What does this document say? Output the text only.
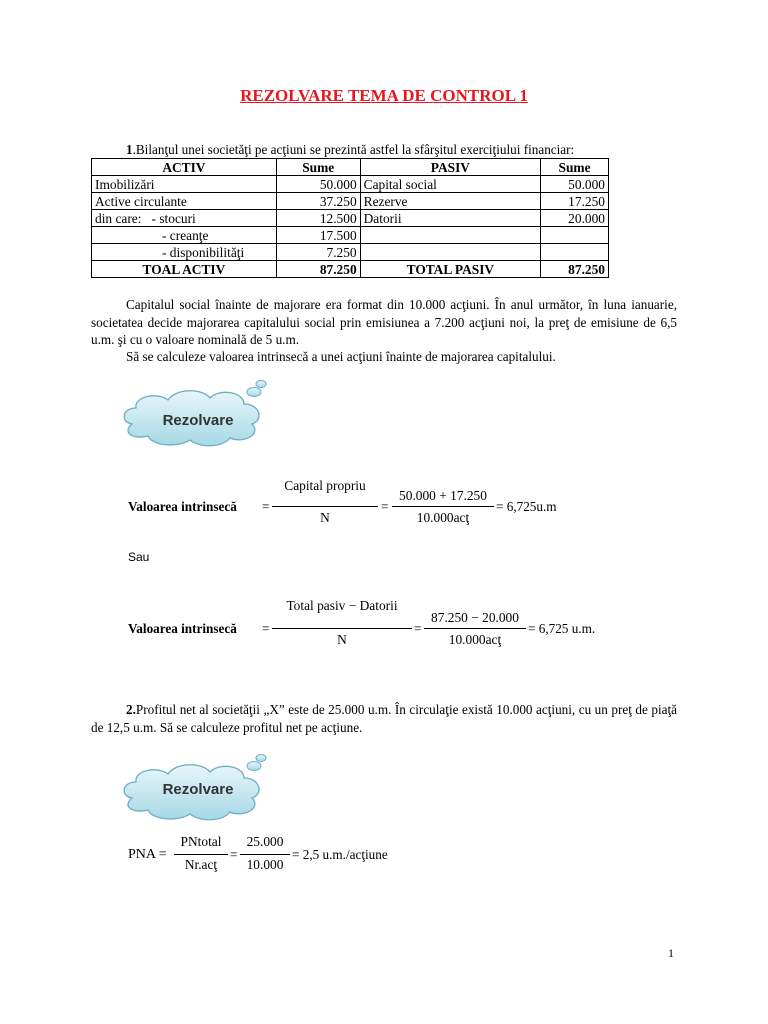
REZOLVARE TEMA DE CONTROL 1
1.Bilanţul unei societăţi pe acţiuni se prezintă astfel la sfârşitul exerciţiului financiar:
ACTIV	Sume	PASIV	Sume
Imobilizări	50.000	Capital social	50.000
Active circulante	37.250	Rezerve	17.250
din care:   - stocuri	12.500	Datorii	20.000
- creanţe	17.500		
- disponibilităţi	7.250		
TOAL ACTIV	87.250	TOTAL PASIV	87.250
Capitalul social înainte de majorare era format din 10.000 acţiuni. În anul următor, în luna ianuarie, societatea decide majorarea capitalului social prin emisiunea a 7.200 acţiuni noi, la preţ de emisiune de 6,5 u.m. şi cu o valoare nominală de 5 u.m.
Să se calculeze valoarea intrinsecă a unei acţiuni înainte de majorarea capitalului.
Rezolvare
Valoarea intrinsecă =
Capital propriu
N
=
50.000 + 17.250
10.000acţ
= 6,725u.m
Sau
Valoarea intrinsecă =
Total pasiv − Datorii
N
=
87.250 − 20.000
10.000acţ
= 6,725 u.m.
2.Profitul net al societăţii „X” este de 25.000 u.m. În circulaţie există 10.000 acţiuni, cu un preţ de piaţă de 12,5 u.m. Să se calculeze profitul net pe acţiune.
Rezolvare
PNA =
PNtotal
Nr.acţ
=
25.000
10.000
= 2,5 u.m./acţiune
1
